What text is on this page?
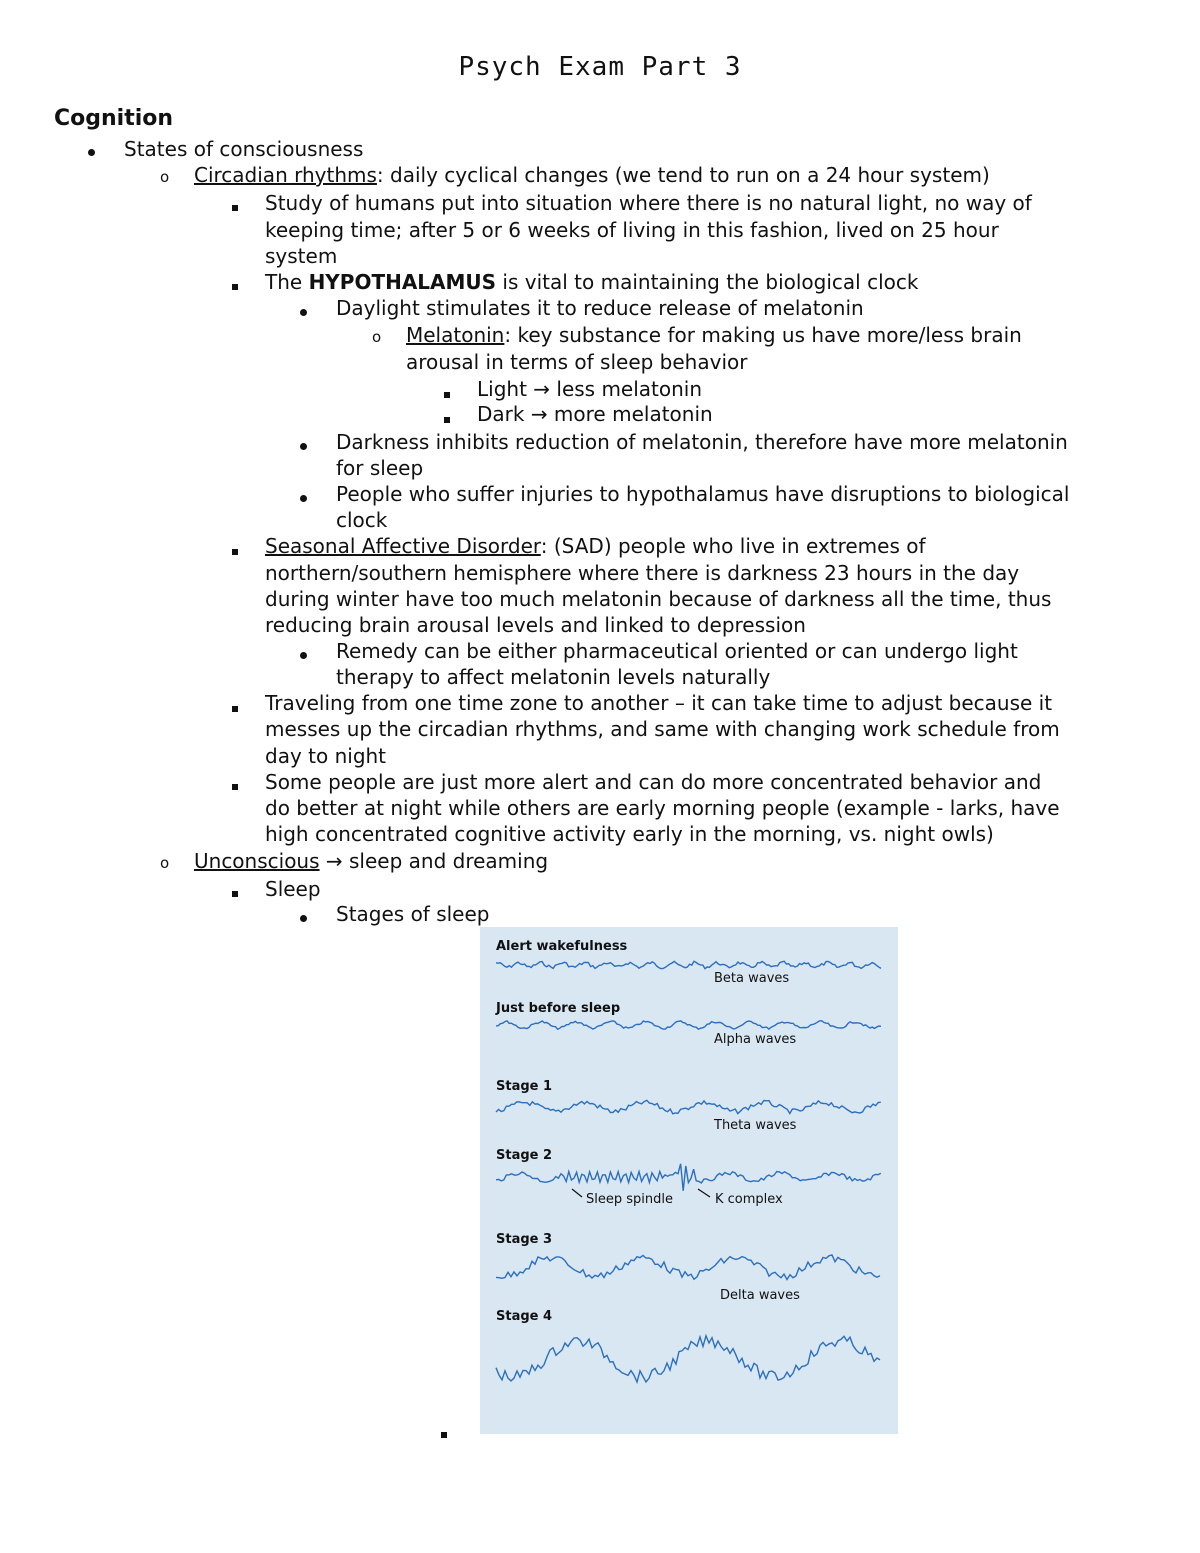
Psych Exam Part 3
Cognition
States of consciousness
o Circadian rhythms: daily cyclical changes (we tend to run on a 24 hour system)
Study of humans put into situation where there is no natural light, no way of
keeping time; after 5 or 6 weeks of living in this fashion, lived on 25 hour
system
The HYPOTHALAMUS is vital to maintaining the biological clock
Daylight stimulates it to reduce release of melatonin
o Melatonin: key substance for making us have more/less brain
arousal in terms of sleep behavior
Light → less melatonin
Dark → more melatonin
Darkness inhibits reduction of melatonin, therefore have more melatonin
for sleep
People who suffer injuries to hypothalamus have disruptions to biological
clock
Seasonal Affective Disorder: (SAD) people who live in extremes of
northern/southern hemisphere where there is darkness 23 hours in the day
during winter have too much melatonin because of darkness all the time, thus
reducing brain arousal levels and linked to depression
Remedy can be either pharmaceutical oriented or can undergo light
therapy to affect melatonin levels naturally
Traveling from one time zone to another – it can take time to adjust because it
messes up the circadian rhythms, and same with changing work schedule from
day to night
Some people are just more alert and can do more concentrated behavior and
do better at night while others are early morning people (example - larks, have
high concentrated cognitive activity early in the morning, vs. night owls)
o Unconscious → sleep and dreaming
Sleep
Stages of sleep
Alert wakefulness
Beta waves
Just before sleep
Alpha waves
Stage 1
Theta waves
Stage 2
Sleep spindle	K complex
Stage 3
Delta waves
Stage 4
